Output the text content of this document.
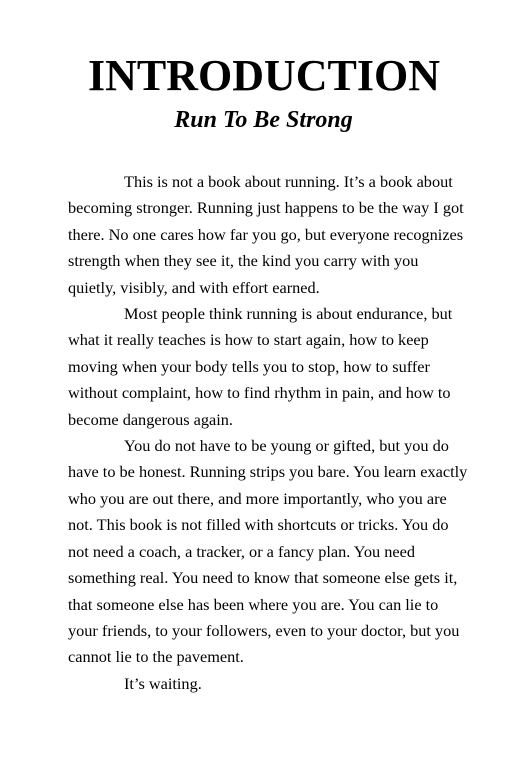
INTRODUCTION
Run To Be Strong

This is not a book about running. It’s a book about becoming stronger. Running just happens to be the way I got there. No one cares how far you go, but everyone recognizes strength when they see it, the kind you carry with you quietly, visibly, and with effort earned.

Most people think running is about endurance, but what it really teaches is how to start again, how to keep moving when your body tells you to stop, how to suffer without complaint, how to find rhythm in pain, and how to become dangerous again.

You do not have to be young or gifted, but you do have to be honest. Running strips you bare. You learn exactly who you are out there, and more importantly, who you are not. This book is not filled with shortcuts or tricks. You do not need a coach, a tracker, or a fancy plan. You need something real. You need to know that someone else gets it, that someone else has been where you are. You can lie to your friends, to your followers, even to your doctor, but you cannot lie to the pavement.

It’s waiting.
